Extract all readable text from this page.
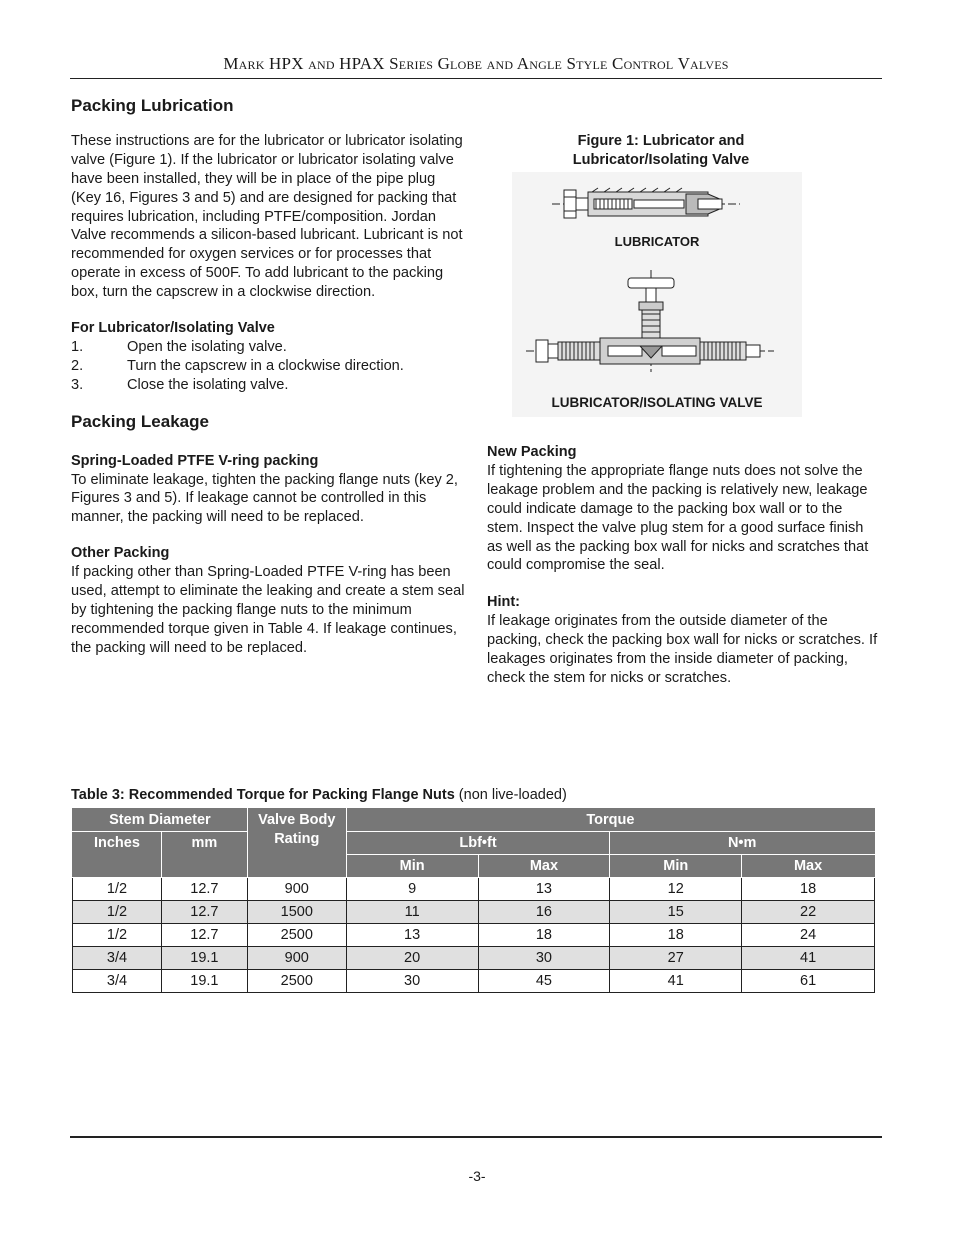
Mark HPX and HPAX Series Globe and Angle Style Control Valves
Packing Lubrication

These instructions are for the lubricator or lubricator isolating valve (Figure 1). If the lubricator or lubricator isolating valve have been installed, they will be in place of the pipe plug (Key 16, Figures 3 and 5) and are designed for packing that requires lubrication, including PTFE/composition. Jordan Valve recommends a silicon-based lubricant. Lubricant is not recommended for oxygen services or for processes that operate in excess of 500F. To add lubricant to the packing box, turn the capscrew in a clockwise direction.

For Lubricator/Isolating Valve
1.	Open the isolating valve.
2.	Turn the capscrew in a clockwise direction.
3.	Close the isolating valve.
Packing Leakage
Spring-Loaded PTFE V-ring packing

To eliminate leakage, tighten the packing flange nuts (key 2, Figures 3 and 5). If leakage cannot be controlled in this manner, the packing will need to be replaced.

Other Packing

If packing other than Spring-Loaded PTFE V-ring has been used, attempt to eliminate the leaking and create a stem seal by tightening the packing flange nuts to the minimum recommended torque given in Table 4. If leakage continues, the packing will need to be replaced.

Figure 1: Lubricator and
Lubricator/Isolating Valve
LUBRICATOR
LUBRICATOR/ISOLATING VALVE
New Packing

If tightening the appropriate flange nuts does not solve the leakage problem and the packing is relatively new, leakage could indicate damage to the packing box wall or to the stem. Inspect the valve plug stem for a good surface finish as well as the packing box wall for nicks and scratches that could compromise the seal.

Hint:

If leakage originates from the outside diameter of the packing, check the packing box wall for nicks or scratches. If leakages originates from the inside diameter of packing, check the stem for nicks or scratches.

Table 3: Recommended Torque for Packing Flange Nuts (non live-loaded)
Stem Diameter		Valve Body Rating	Torque			
Inches	mm		Lbf•ft		N•m	
			Min	Max	Min	Max
1/2	12.7	900	9	13	12	18
1/2	12.7	1500	11	16	15	22
1/2	12.7	2500	13	18	18	24
3/4	19.1	900	20	30	27	41
3/4	19.1	2500	30	45	41	61
-3-
